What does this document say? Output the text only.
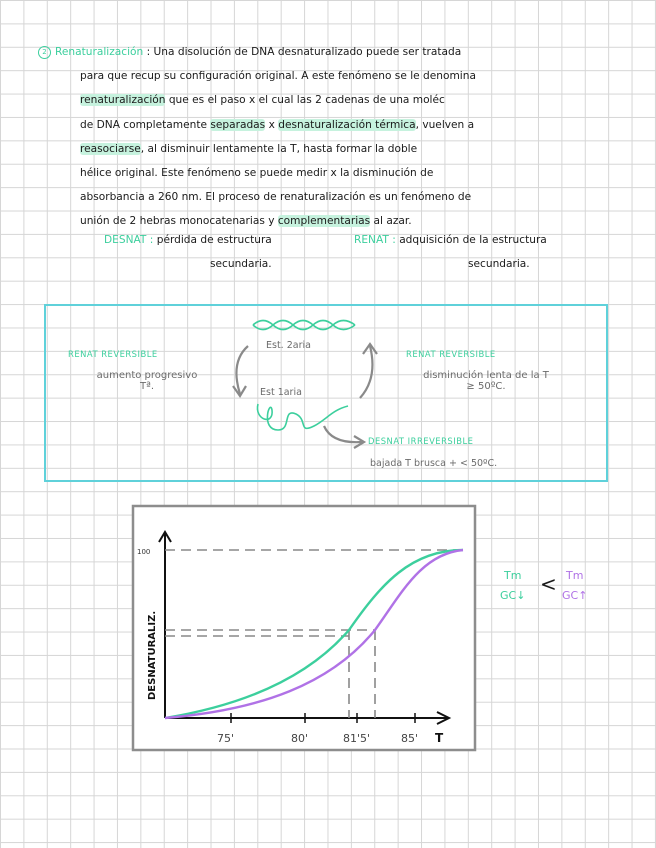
2 Renaturalización : Una disolución de DNA desnaturalizado puede ser tratada
para que recup su configuración original. A este fenómeno se le denomina
renaturalización que es el paso x el cual las 2 cadenas de una moléc
de DNA completamente separadas x desnaturalización térmica, vuelven a
reasociarse, al disminuir lentamente la T, hasta formar la doble
hélice original. Este fenómeno se puede medir x la disminución de
absorbancia a 260 nm. El proceso de renaturalización es un fenómeno de
unión de 2 hebras monocatenarias y complementarias al azar.
DESNAT : pérdida de estructura
secundaria.
RENAT : adquisición de la estructura
secundaria.
Est. 2aria
Est 1aria
RENAT REVERSIBLE
aumento progresivo
Tª.
RENAT REVERSIBLE
disminución lenta de la T
≥ 50ºC.
DESNAT IRREVERSIBLE
bajada T brusca + < 50ºC.
100
DESNATURALIZ.
T
75'	80'	81'5'	85'
Tm
GC↓ < Tm
GC↑
